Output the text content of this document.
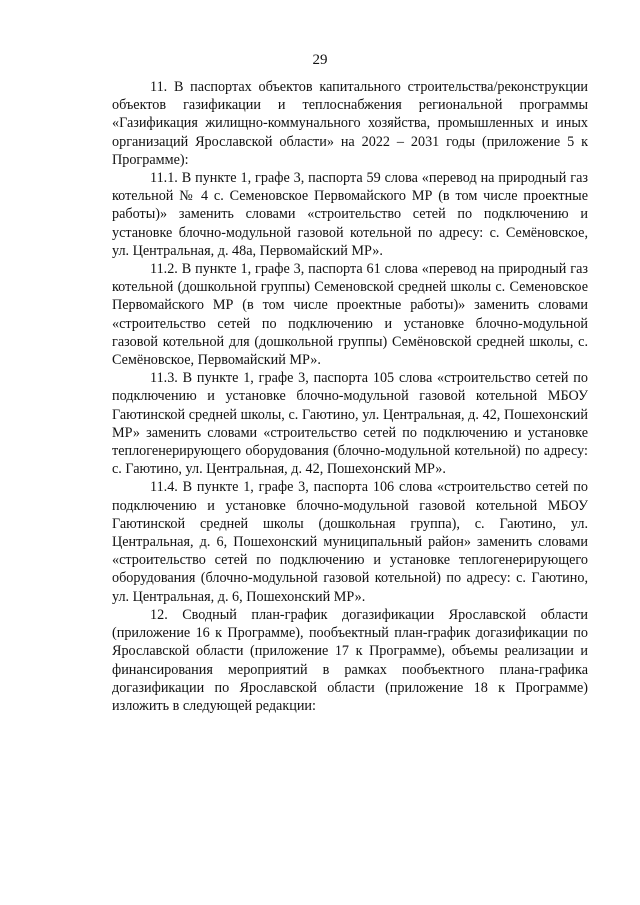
29

11. В паспортах объектов капитального строительства/реконструкции объектов газификации и теплоснабжения региональной программы «Газификация жилищно-коммунального хозяйства, промышленных и иных организаций Ярославской области» на 2022 – 2031 годы (приложение 5 к Программе):

11.1. В пункте 1, графе 3, паспорта 59 слова «перевод на природный газ котельной № 4 с. Семеновское Первомайского МР (в том числе проектные работы)» заменить словами «строительство сетей по подключению и установке блочно-модульной газовой котельной по адресу: с. Семёновское, ул. Центральная, д. 48а, Первомайский МР».

11.2. В пункте 1, графе 3, паспорта 61 слова «перевод на природный газ котельной (дошкольной группы) Семеновской средней школы с. Семеновское Первомайского МР (в том числе проектные работы)» заменить словами «строительство сетей по подключению и установке блочно-модульной газовой котельной для (дошкольной группы) Семёновской средней школы, с. Семёновское, Первомайский МР».

11.3. В пункте 1, графе 3, паспорта 105 слова «строительство сетей по подключению и установке блочно-модульной газовой котельной МБОУ Гаютинской средней школы, с. Гаютино, ул. Центральная, д. 42, Пошехонский МР» заменить словами «строительство сетей по подключению и установке теплогенерирующего оборудования (блочно-модульной котельной) по адресу: с. Гаютино, ул. Центральная, д. 42, Пошехонский МР».

11.4. В пункте 1, графе 3, паспорта 106 слова «строительство сетей по подключению и установке блочно-модульной газовой котельной МБОУ Гаютинской средней школы (дошкольная группа), с. Гаютино, ул. Центральная, д. 6, Пошехонский муниципальный район» заменить словами «строительство сетей по подключению и установке теплогенерирующего оборудования (блочно-модульной газовой котельной) по адресу: с. Гаютино, ул. Центральная, д. 6, Пошехонский МР».

12. Сводный план-график догазификации Ярославской области (приложение 16 к Программе), пообъектный план-график догазификации по Ярославской области (приложение 17 к Программе), объемы реализации и финансирования мероприятий в рамках пообъектного плана-графика догазификации по Ярославской области (приложение 18 к Программе) изложить в следующей редакции:
